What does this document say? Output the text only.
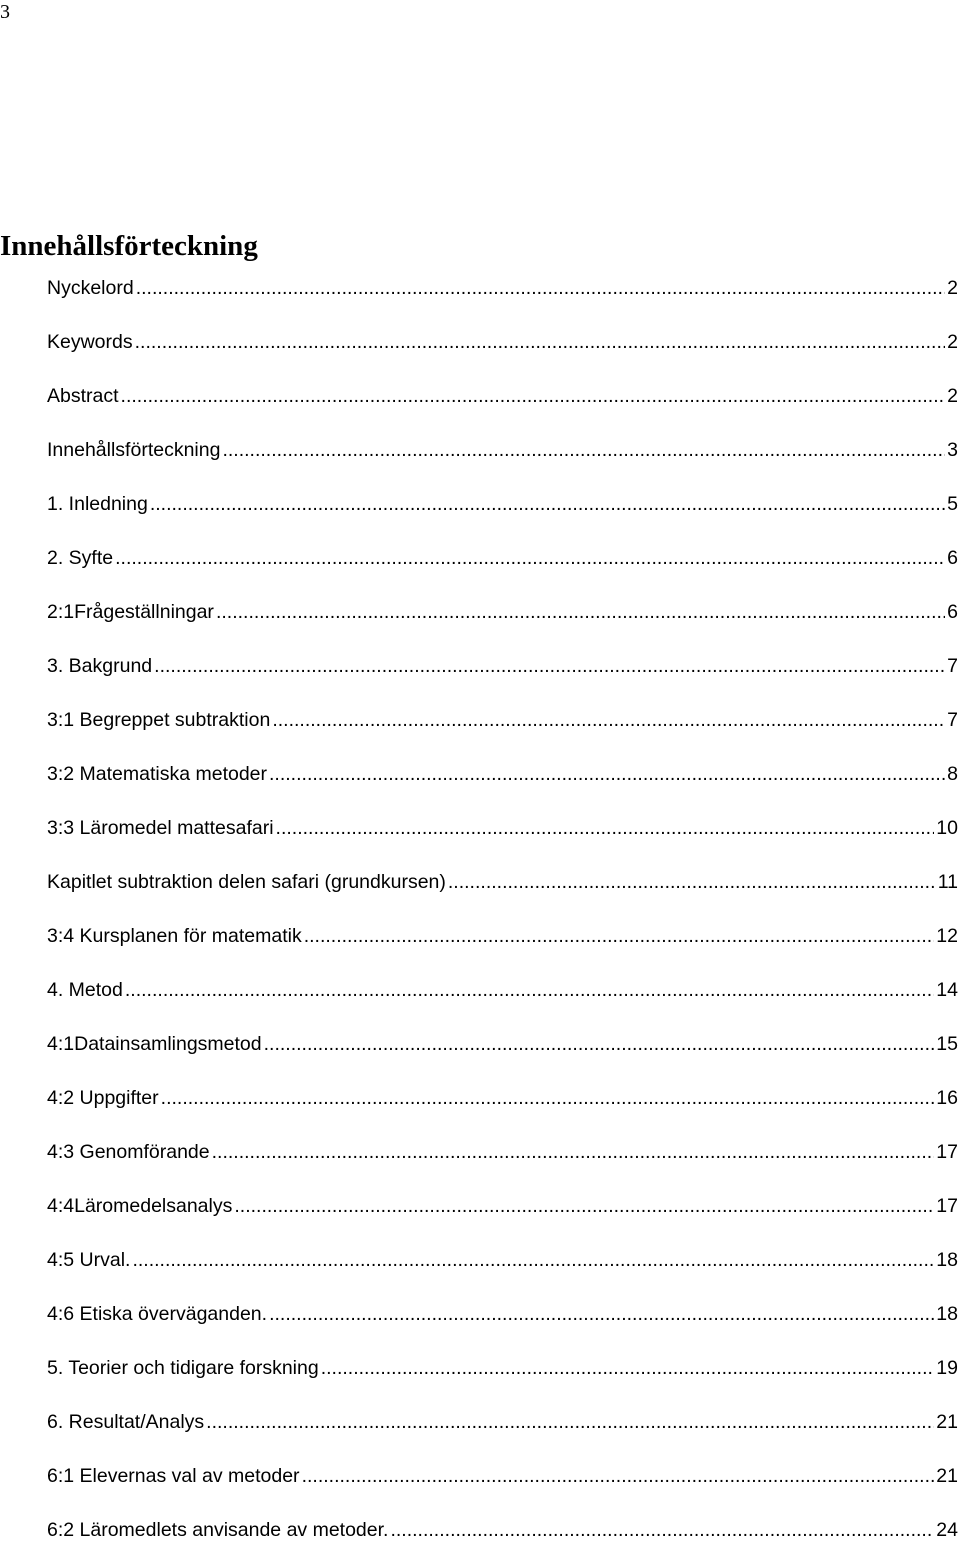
3
Innehållsförteckning
Nyckelord .....	2
Keywords .....	2
Abstract .....	2
Innehållsförteckning .....	3
1. Inledning .....	5
2. Syfte .....	6
2:1Frågeställningar .....	6
3. Bakgrund .....	7
3:1 Begreppet subtraktion .....	7
3:2 Matematiska metoder .....	8
3:3 Läromedel mattesafari .....	10
Kapitlet subtraktion delen safari (grundkursen) .....	11
3:4 Kursplanen för matematik .....	12
4. Metod .....	14
4:1Datainsamlingsmetod .....	15
4:2 Uppgifter .....	16
4:3 Genomförande .....	17
4:4Läromedelsanalys .....	17
4:5 Urval. .....	18
4:6 Etiska överväganden. .....	18
5. Teorier och tidigare forskning .....	19
6. Resultat/Analys .....	21
6:1 Elevernas val av metoder .....	21
6:2 Läromedlets anvisande av metoder. .....	24
